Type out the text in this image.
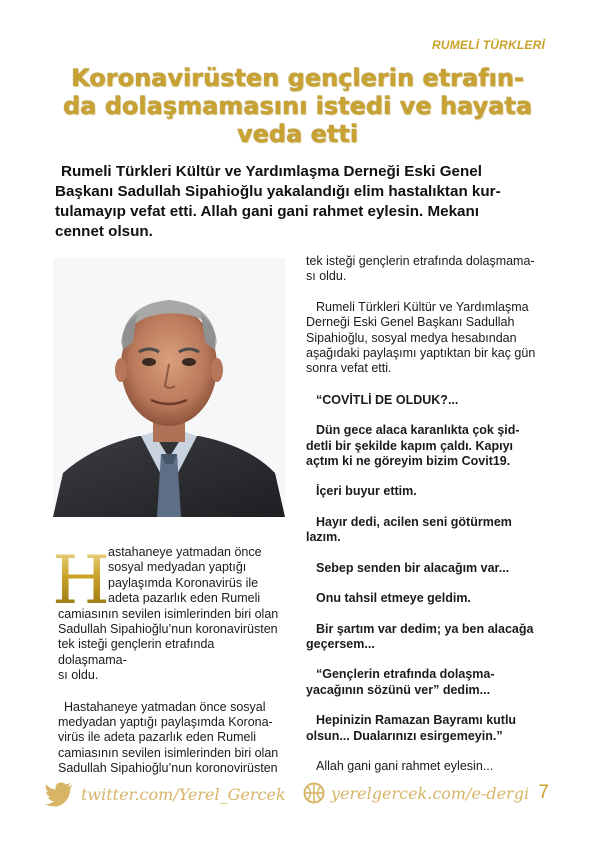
RUMELİ TÜRKLERİ
Koronavirüsten gençlerin etrafın-
da dolaşmamasını istedi ve hayata
veda etti
Rumeli Türkleri Kültür ve Yardımlaşma Derneği Eski Genel
Başkanı Sadullah Sipahioğlu yakalandığı elim hastalıktan kur-
tulamayıp vefat etti. Allah gani gani rahmet eylesin. Mekanı
cennet olsun.
H

astahaneye yatmadan önce
sosyal medyadan yaptığı
paylaşımda Koronavirüs ile
adeta pazarlık eden Rumeli
camiasının sevilen isimlerinden biri olan
Sadullah Sipahioğlu’nun koronavirüsten
tek isteği gençlerin etrafında dolaşmama-
sı oldu.

Hastahaneye yatmadan önce sosyal
medyadan yaptığı paylaşımda Korona-
virüs ile adeta pazarlık eden Rumeli
camiasının sevilen isimlerinden biri olan
Sadullah Sipahioğlu’nun koronovirüsten

tek isteği gençlerin etrafında dolaşmama-
sı oldu.

Rumeli Türkleri Kültür ve Yardımlaşma
Derneği Eski Genel Başkanı Sadullah
Sipahioğlu, sosyal medya hesabından
aşağıdaki paylaşımı yaptıktan bir kaç gün
sonra vefat etti.

“COVİTLİ DE OLDUK?...

Dün gece alaca karanlıkta çok şid-
detli bir şekilde kapım çaldı. Kapıyı
açtım ki ne göreyim bizim Covit19.

İçeri buyur ettim.

Hayır dedi, acilen seni götürmem
lazım.

Sebep senden bir alacağım var...

Onu tahsil etmeye geldim.

Bir şartım var dedim; ya ben alacağa
geçersem...

“Gençlerin etrafında dolaşma-
yacağının sözünü ver” dedim...

Hepinizin Ramazan Bayramı kutlu
olsun... Dualarınızı esirgemeyin.”

Allah gani gani rahmet eylesin...

twitter.com/Yerel_Gercek	yerelgercek.com/e-dergi 7
